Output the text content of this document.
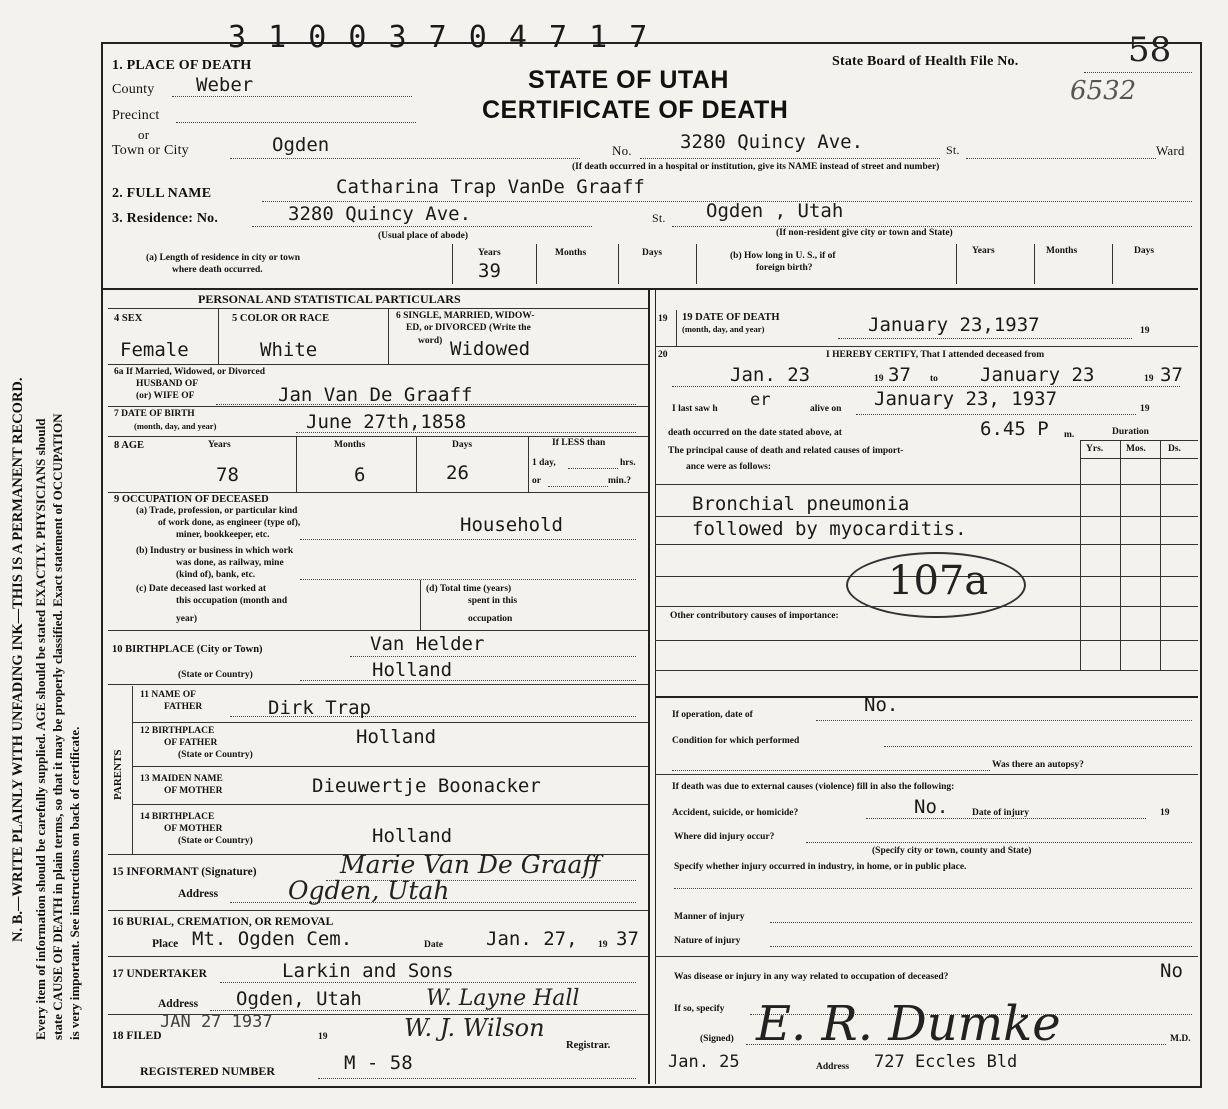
N. B.—WRITE PLAINLY WITH UNFADING INK—THIS IS A PERMANENT RECORD. Every item of information should be carefully supplied. AGE should be stated EXACTLY. PHYSICIANS should state CAUSE OF DEATH in plain terms, so that it may be properly classified. Exact statement of OCCUPATION is very important. See instructions on back of certificate.
3 1 0 0 3 7 0 4 7 1 7
STATE OF UTAH
CERTIFICATE OF DEATH
State Board of Health File No.	58
6532
1. PLACE OF DEATH
County Weber
Precinct
or
Town or City	Ogden	No.	3280 Quincy Ave.	St.	Ward
(If death occurred in a hospital or institution, give its NAME instead of street and number)
2. FULL NAME	Catharina Trap VanDe Graaff
3. Residence: No.	3280 Quincy Ave.	St. Ogden , Utah
(Usual place of abode)	(If non-resident give city or town and State)
(a) Length of residence in city or town
where death occurred.
Years	Months	Days
39
(b) How long in U. S., if of
foreign birth?
Years	Months	Days
PERSONAL AND STATISTICAL PARTICULARS
4 SEX
Female
5 COLOR OR RACE
White
6 SINGLE, MARRIED, WIDOW-
ED, or DIVORCED (Write the
word) Widowed
6a If Married, Widowed, or Divorced
HUSBAND OF
(or) WIFE OF	Jan Van De Graaff
7 DATE OF BIRTH
(month, day, and year)	June 27th,1858
8 AGE	Years	Months	Days
78	6	26
If LESS than
1 day,	hrs.
or	min.?
9 OCCUPATION OF DECEASED
(a) Trade, profession, or particular kind
of work done, as engineer (type of),
miner, bookkeeper, etc.	Household
(b) Industry or business in which work
was done, as railway, mine
(kind of), bank, etc.
(c) Date deceased last worked at
this occupation (month and
year)
(d) Total time (years)
spent in this
occupation
10 BIRTHPLACE (City or Town)	Van Helder
(State or Country)	Holland
PARENTS
11 NAME OF
FATHER	Dirk Trap
12 BIRTHPLACE
OF FATHER
(State or Country)
Holland
13 MAIDEN NAME
OF MOTHER	Dieuwertje Boonacker
14 BIRTHPLACE
OF MOTHER
(State or Country)	Holland
15 INFORMANT (Signature)	Marie Van De Graaff
Address	Ogden, Utah
16 BURIAL, CREMATION, OR REMOVAL
Place Mt. Ogden Cem.	Date Jan. 27, 19 37
17 UNDERTAKER	Larkin and Sons
Address Ogden, Utah	W. Layne Hall
18 FILED
JAN 27 1937
19	W. J. Wilson
Registrar.
REGISTERED NUMBER	M - 58
19 19 DATE OF DEATH
(month, day, and year)	January 23,1937	19
20	I HEREBY CERTIFY, That I attended deceased from
Jan. 23	19 37 to January 23	19 37
I last saw h er	alive on January 23, 1937	19
death occurred on the date stated above, at	6.45 P m.	Duration
The principal cause of death and related causes of import-
ance were as follows:
Yrs. Mos. Ds.
Bronchial pneumonia
followed by myocarditis.
107a
Other contributory causes of importance:
If operation, date of	No.
Condition for which performed
Was there an autopsy?
If death was due to external causes (violence) fill in also the following:
Accident, suicide, or homicide?	No. Date of injury	19
Where did injury occur?
(Specify city or town, county and State)
Specify whether injury occurred in industry, in home, or in public place.
Manner of injury
Nature of injury
Was disease or injury in any way related to occupation of deceased?	No
If so, specify
(Signed) E. R. Dumke	M.D.
Jan. 25	Address 727 Eccles Bld
